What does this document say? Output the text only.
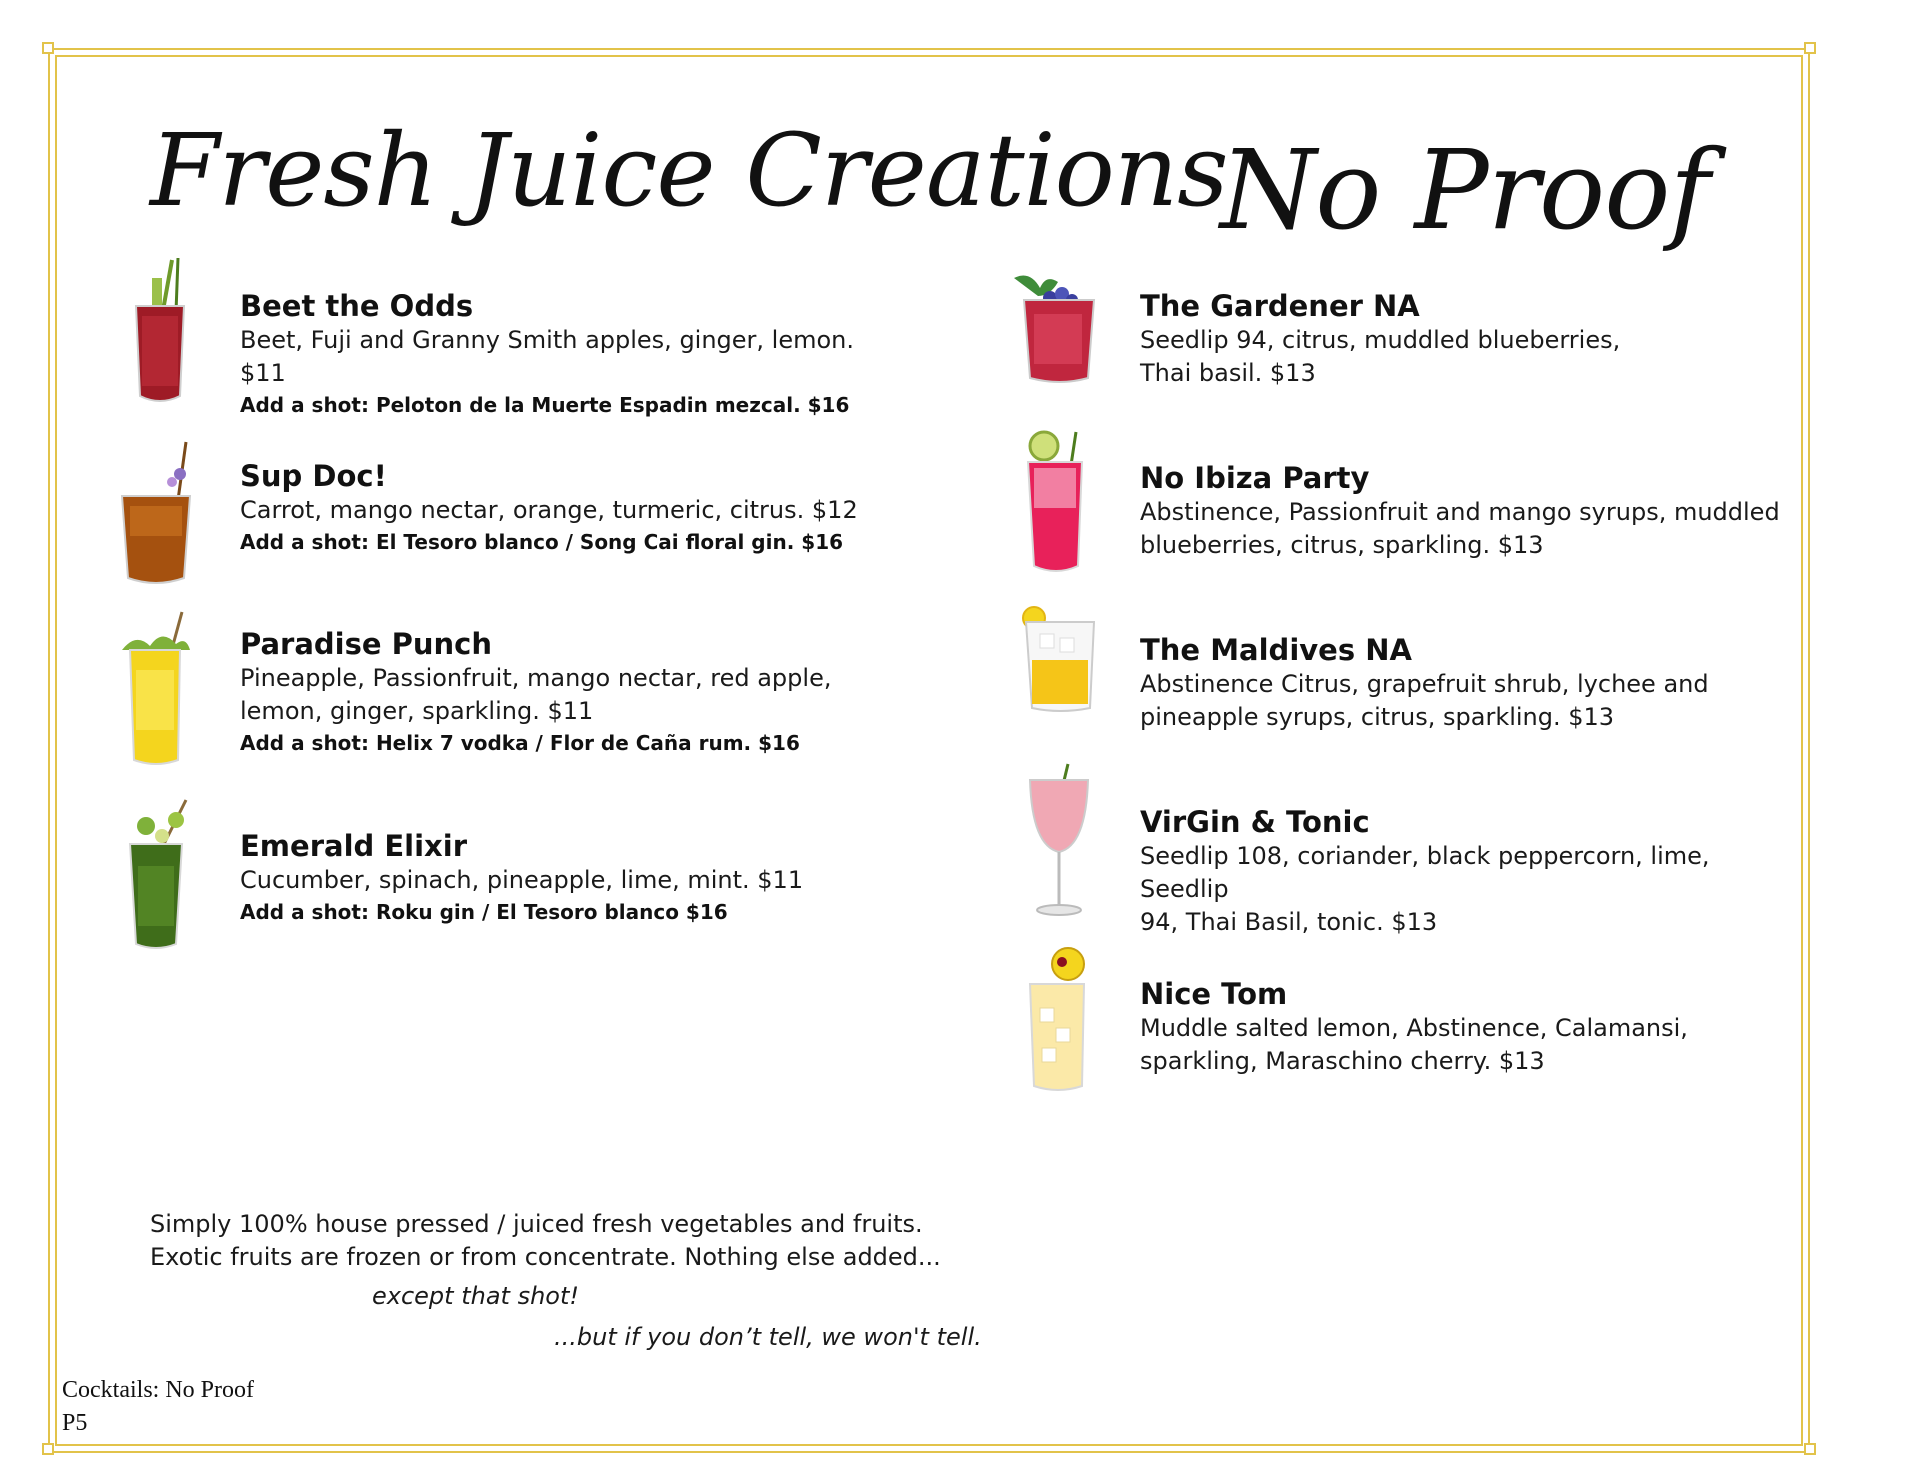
Fresh Juice Creations
No Proof
Beet the Odds
Beet, Fuji and Granny Smith apples, ginger, lemon. $11
Add a shot: Peloton de la Muerte Espadin mezcal. $16
Sup Doc!
Carrot, mango nectar, orange, turmeric, citrus. $12
Add a shot: El Tesoro blanco / Song Cai floral gin. $16
Paradise Punch
Pineapple, Passionfruit, mango nectar, red apple,
lemon, ginger, sparkling. $11
Add a shot: Helix 7 vodka / Flor de Caña rum. $16
Emerald Elixir
Cucumber, spinach, pineapple, lime, mint. $11
Add a shot: Roku gin / El Tesoro blanco $16
The Gardener NA
Seedlip 94, citrus, muddled blueberries,
Thai basil. $13
No Ibiza Party
Abstinence, Passionfruit and mango syrups, muddled
blueberries, citrus, sparkling. $13
The Maldives NA
Abstinence Citrus, grapefruit shrub, lychee and
pineapple syrups, citrus, sparkling. $13
VirGin & Tonic
Seedlip 108, coriander, black peppercorn, lime, Seedlip
94, Thai Basil, tonic. $13
Nice Tom
Muddle salted lemon, Abstinence, Calamansi,
sparkling, Maraschino cherry. $13
Simply 100% house pressed / juiced fresh vegetables and fruits.
Exotic fruits are frozen or from concentrate. Nothing else added...
except that shot!
...but if you don’t tell, we won't tell.
Cocktails: No Proof
P5
